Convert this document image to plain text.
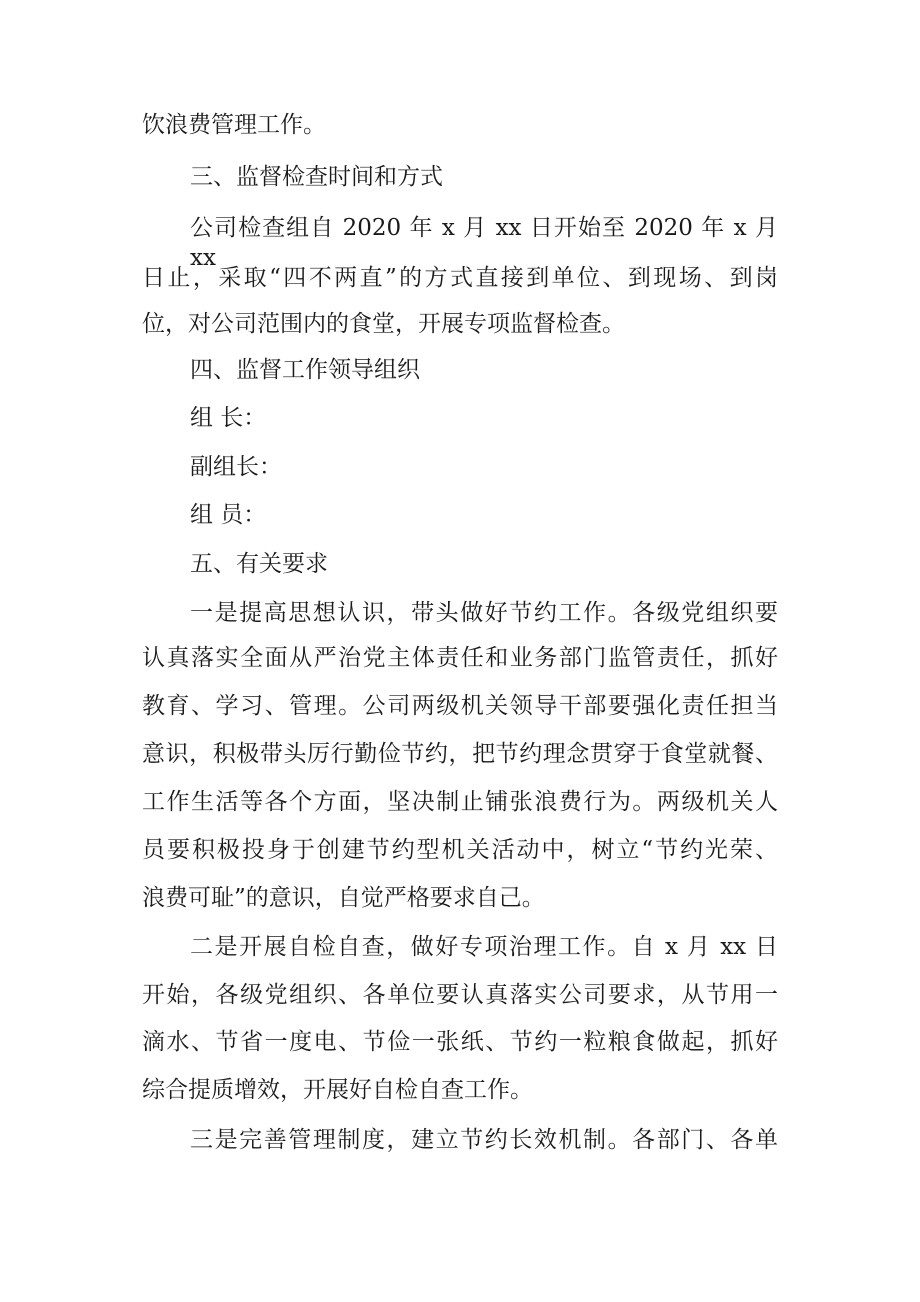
饮浪费管理工作。
三、监督检查时间和方式
公司检查组自 2020 年 x 月 xx 日开始至 2020 年 x 月 xx
日止，采取“四不两直”的方式直接到单位、到现场、到岗
位，对公司范围内的食堂，开展专项监督检查。
四、监督工作领导组织
组 长：
副组长：
组 员：
五、有关要求
一是提高思想认识，带头做好节约工作。各级党组织要
认真落实全面从严治党主体责任和业务部门监管责任，抓好
教育、学习、管理。公司两级机关领导干部要强化责任担当
意识，积极带头厉行勤俭节约，把节约理念贯穿于食堂就餐、
工作生活等各个方面，坚决制止铺张浪费行为。两级机关人
员要积极投身于创建节约型机关活动中，树立“节约光荣、
浪费可耻”的意识，自觉严格要求自己。
二是开展自检自查，做好专项治理工作。自 x 月 xx 日
开始，各级党组织、各单位要认真落实公司要求，从节用一
滴水、节省一度电、节俭一张纸、节约一粒粮食做起，抓好
综合提质增效，开展好自检自查工作。
三是完善管理制度，建立节约长效机制。各部门、各单
